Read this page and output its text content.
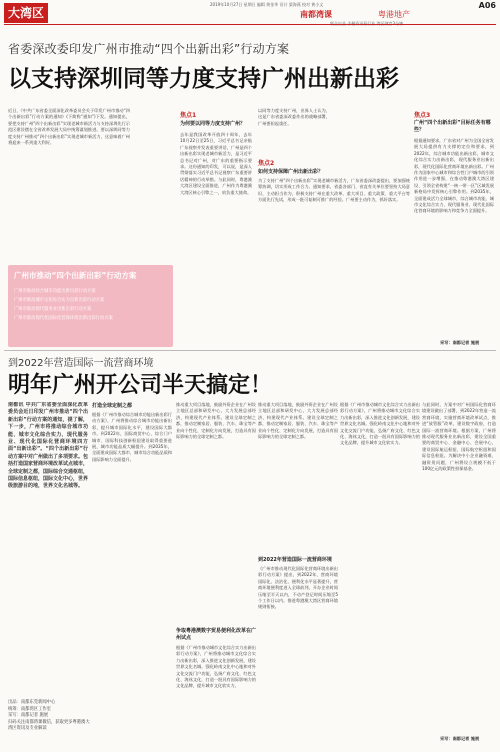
大湾区
2019年10月27日 星期日 编辑 黄金华 设计 梁海燕 校对 黄小文	A06
南都湾课	粤港地产
省委深改委印发广州市推动“四个出新出彩”行动方案
以支持深圳同等力度支持广州出新出彩
近日，《中共广东省委全面深化改革委员会关于印发广州市推动“四个出新出彩”行动方案的通知》(下简称“通知”)下发。通知提出，要把支持广州“四个出新出彩”实现老城市新活力与支持深圳先行示范区建设摆在全省改革发展大局中统筹谋划推进。要以深圳同等力度支持广州推动“四个出新出彩”实现老城市新活力，这意味着广州将迎来一系列重大利好。
广州市推动“四个出新出彩”行动方案
广州市推动综合城市功能出新出彩行动方案
广州市推动城市文化综合实力出新出彩行动方案
广州市推动现代服务业出新出彩行动方案
广州市推动现代化国际化营商环境出新出彩行动方案
焦点1
为何要以同等力度支持广州？
去年是我国改革开放四十周年，去年10月22日至25日，习近平总书记亲临广东视察并发表重要讲话，广州是四个出新出彩实现老城市新活力，是习近平总书记对广州，对广东的重要指示要求。这份通知的印发，可以说，是深入贯彻落实习近平总书记视察广东重要讲话精神的行动举措。与此同时，粤港澳大湾区建设全面推进，广州作为粤港澳大湾区核心引擎之一，肩负重大使命。
以同等力度支持广州，业界人士认为，这是广东省委深改委作出的战略部署，广州要担起重任。
焦点2
如何支持保障广州出新出彩？
为了支持广州“四个出新出彩”实现老城市新活力，广东省委深改委提出，要加强统筹协调，切实形成工作合力。通知要求，省委各部门、省直有关单位要坚持大局意识，主动担当作为，积极支持广州在重大改革、重大项目、重大政策、重大平台等方面先行先试，形成一批可复制可推广的经验。广州要主动作为，抓好落实。
焦点3
广州“四个出新出彩”目标任务有哪些？
根据通知要求，广东省对广州为全国全省发展大局提供有力支撑的定位和要求，到2022年，综合城市功能出新出彩，城市文化综合实力出新出彩，现代服务业出新出彩，现代化国际化营商环境出新出彩。广州作为国家中心城市和综合性门户城市的引领作用进一步增强，在推动粤港澳大湾区建设、引领全省构建“一核一带一区”区域发展新格局中发挥核心引擎作用。到2035年，全面建成活力全球城市，综合城市功能、城市文化综合实力、现代服务业、现代化国际化营商环境的影响力和竞争力全面提升。
采写：南都记者 施展
到2022年营造国际一流营商环境
明年广州开公司半天搞定！
南都讯 中共广东省委全面深化改革委员会近日印发广州市推动“四个出新出彩”行动方案的通知，提了解，下一步，广州市将推动综合城市功能、城市文化综合实力、现代服务业、现代化国际化营商环境四方面“出新出彩”。“四个出新出彩”行动方案中对广州做出了多项要求。包括打造国家营商环境改革试点城市，全球定制之都，国际综合交通枢纽，国际信息枢纽，国际文化中心，世界级旅游目的地，世界文化名城等。
打造全球定制之都
根据《广州市推动综合城市功能出新出彩行动方案》，广州将推动综合城市功能出新出彩，提升城市国际化水平，建设国际大都市。到2022年，国际商贸中心、综合门户城市、国际科技创新枢纽建设取得重要进展，城市功能品质大幅提升。到2035年，全面建成国际大都市，城市综合功能品质和国际影响力全面提升。
推动重大项目落地，鼓励外资企业在广州设立地区总部和研发中心，大力发展总部经济，构建现代产业体系。建设全球定制之都，推动定制家居、服装、汽车、珠宝等产业向个性化、定制化方向发展，打造具有国际影响力的全球定制之都。
争取粤港澳数字贸易便利化改革在广州试点
根据《广州市推动城市文化综合实力出新出彩行动方案》，广州将推动城市文化综合实力出新出彩，深入推进文化创新发展，建设世界文化名城。强化岭南文化中心地和对外文化交流门户功能，弘扬广府文化、红色文化、海丝文化，打造一批具有国际影响力的文化品牌，提升城市文化软实力。
推动重大项目落地，鼓励外资企业在广州设立地区总部和研发中心，大力发展总部经济，构建现代产业体系。建设全球定制之都，推动定制家居、服装、汽车、珠宝等产业向个性化、定制化方向发展，打造具有国际影响力的全球定制之都。
到2022年营造国际一流营商环境
《广州市推动现代化国际化营商环境出新出彩行动方案》提出，到2022年，营商环境国际化、法治化、便利化水平显著提升，营商环境便利度进入全球前列，开办企业时间压缩至半天以内，不动产登记时间压缩至5个工作日以内。推进粤港澳大湾区营商环境规则衔接。
根据《广州市推动城市文化综合实力出新出彩行动方案》，广州将推动城市文化综合实力出新出彩，深入推进文化创新发展，建设世界文化名城。强化岭南文化中心地和对外文化交流门户功能，弘扬广府文化、红色文化、海丝文化，打造一批具有国际影响力的文化品牌，提升城市文化软实力。
与此同时，方案中对广州国际化营商环境建设做出了部署，到2022年营造一流营商环境，实施营商环境改革试点，推进“放管服”改革，建设数字政府，打造国际一流营商环境。根据方案，广州将推动现代服务业出新出彩，建设全国重要的商贸中心、金融中心、会展中心，建设国际航运枢纽、国际航空枢纽和国际信息枢纽。为解决中小企业融资难、融资贵问题，广州将设立规模不低于100亿元的政策性担保基金。
采写：南都记者 施展
出品：南都东莞新闻中心
统筹：南都湾区工作室
采写：南都记者 施展
扫码关注南都湾课微信，获取更多粤港澳大湾区资讯及专业解读
